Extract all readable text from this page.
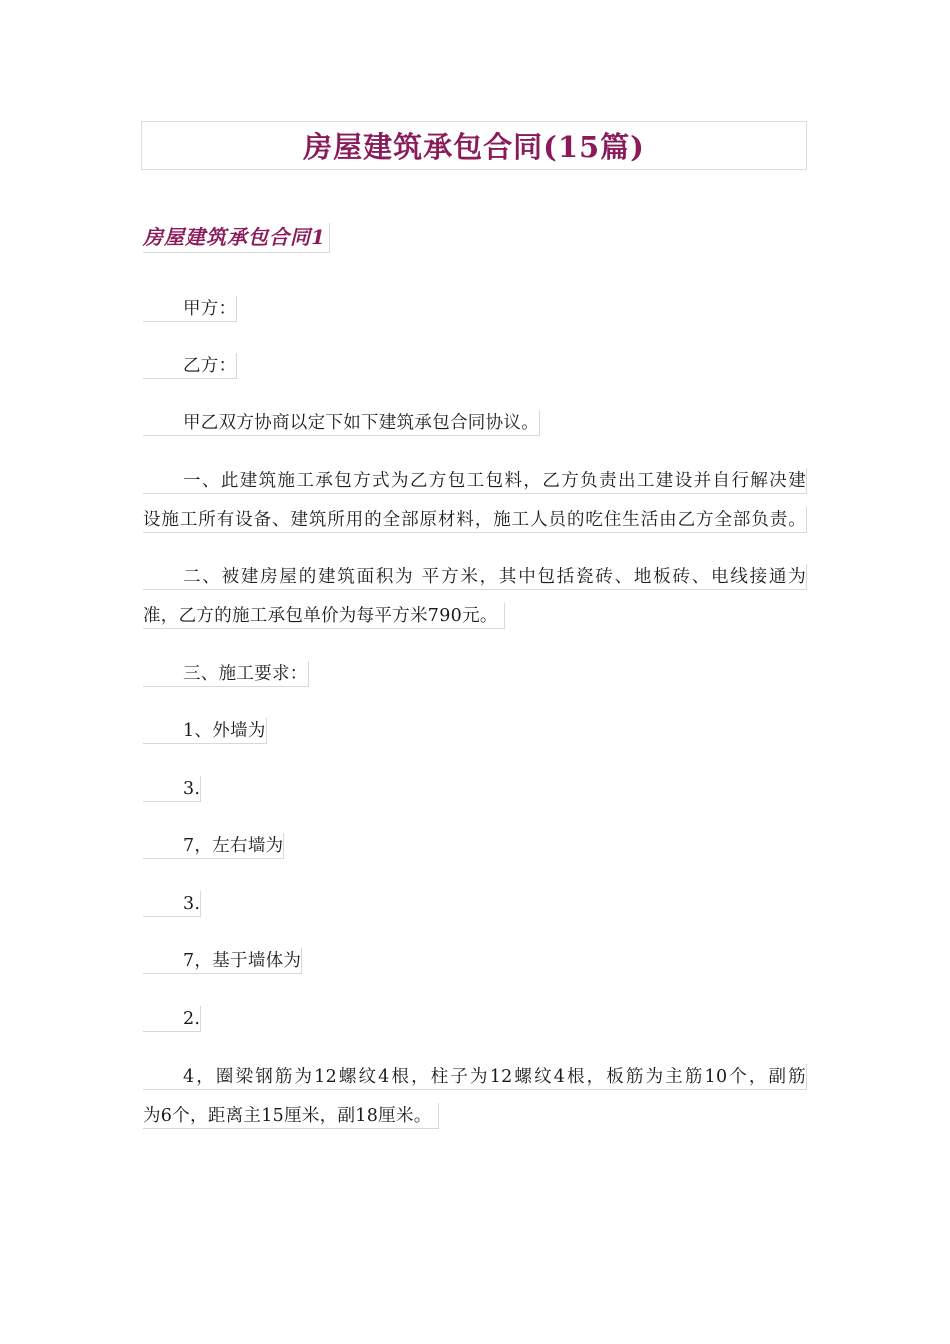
房屋建筑承包合同(15篇)
房屋建筑承包合同1
甲方：
乙方：
甲乙双方协商以定下如下建筑承包合同协议。
一、此建筑施工承包方式为乙方包工包料，乙方负责出工建设并自行解决建
设施工所有设备、建筑所用的全部原材料，施工人员的吃住生活由乙方全部负责。
二、被建房屋的建筑面积为 平方米，其中包括瓷砖、地板砖、电线接通为
准，乙方的施工承包单价为每平方米790元。
三、施工要求：
1、外墙为
3.
7，左右墙为
3.
7，基于墙体为
2.
4，圈梁钢筋为12螺纹4根，柱子为12螺纹4根，板筋为主筋10个，副筋
为6个，距离主15厘米，副18厘米。
